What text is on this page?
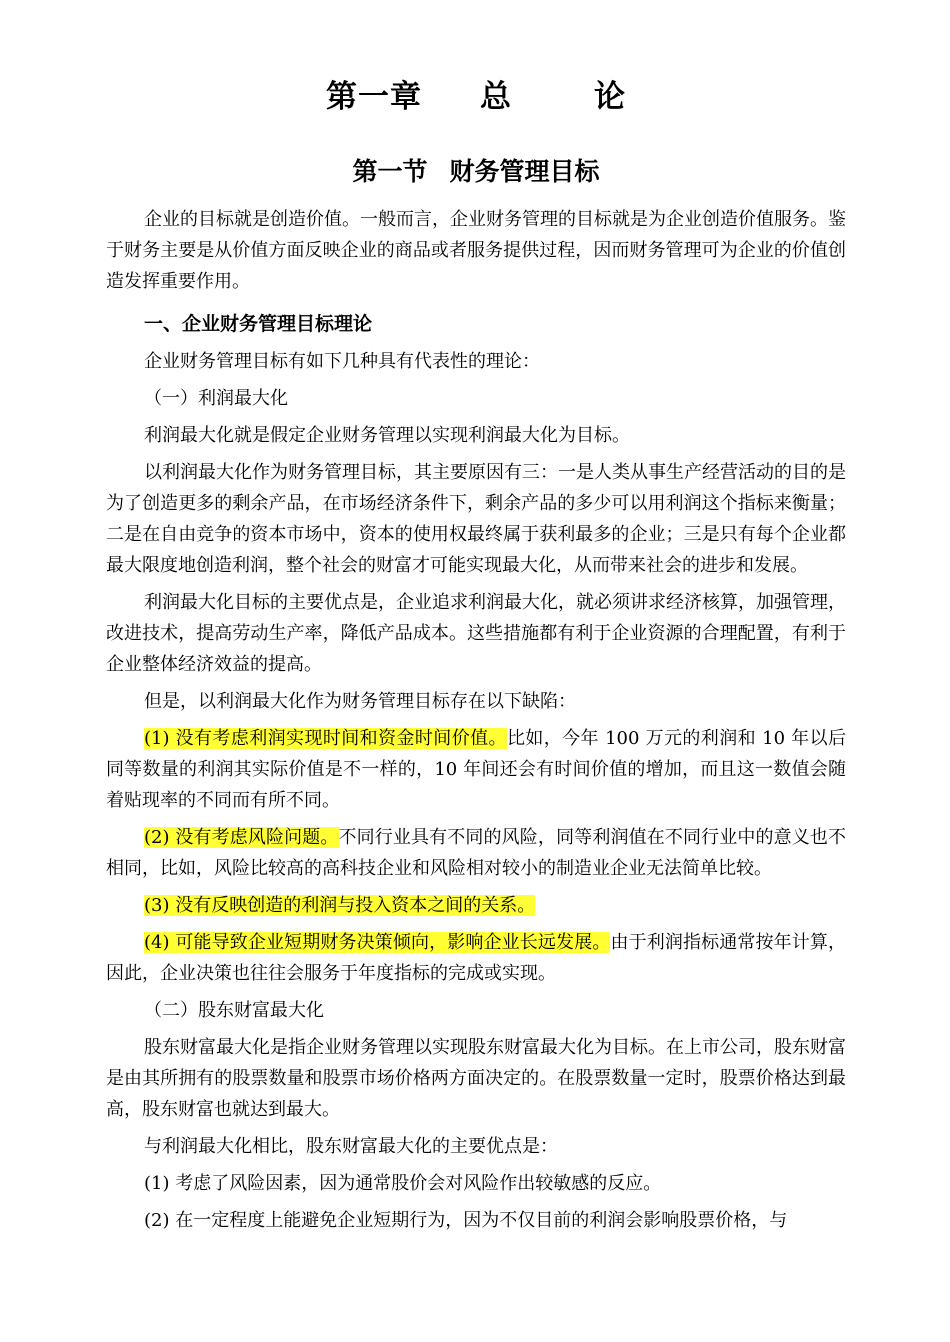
第一章 总	论
第一节 财务管理目标

企业的目标就是创造价值。一般而言，企业财务管理的目标就是为企业创造价值服务。鉴于财务主要是从价值方面反映企业的商品或者服务提供过程，因而财务管理可为企业的价值创造发挥重要作用。

一、企业财务管理目标理论

企业财务管理目标有如下几种具有代表性的理论：

（一）利润最大化

利润最大化就是假定企业财务管理以实现利润最大化为目标。

以利润最大化作为财务管理目标，其主要原因有三：一是人类从事生产经营活动的目的是为了创造更多的剩余产品，在市场经济条件下，剩余产品的多少可以用利润这个指标来衡量；二是在自由竞争的资本市场中，资本的使用权最终属于获利最多的企业；三是只有每个企业都最大限度地创造利润，整个社会的财富才可能实现最大化，从而带来社会的进步和发展。

利润最大化目标的主要优点是，企业追求利润最大化，就必须讲求经济核算，加强管理，改进技术，提高劳动生产率，降低产品成本。这些措施都有利于企业资源的合理配置，有利于企业整体经济效益的提高。

但是，以利润最大化作为财务管理目标存在以下缺陷：

(1) 没有考虑利润实现时间和资金时间价值。比如，今年 100 万元的利润和 10 年以后同等数量的利润其实际价值是不一样的，10 年间还会有时间价值的增加，而且这一数值会随着贴现率的不同而有所不同。

(2) 没有考虑风险问题。不同行业具有不同的风险，同等利润值在不同行业中的意义也不相同，比如，风险比较高的高科技企业和风险相对较小的制造业企业无法简单比较。

(3) 没有反映创造的利润与投入资本之间的关系。

(4) 可能导致企业短期财务决策倾向，影响企业长远发展。由于利润指标通常按年计算，因此，企业决策也往往会服务于年度指标的完成或实现。

（二）股东财富最大化

股东财富最大化是指企业财务管理以实现股东财富最大化为目标。在上市公司，股东财富是由其所拥有的股票数量和股票市场价格两方面决定的。在股票数量一定时，股票价格达到最高，股东财富也就达到最大。

与利润最大化相比，股东财富最大化的主要优点是：

(1) 考虑了风险因素，因为通常股价会对风险作出较敏感的反应。

(2) 在一定程度上能避免企业短期行为，因为不仅目前的利润会影响股票价格，与
